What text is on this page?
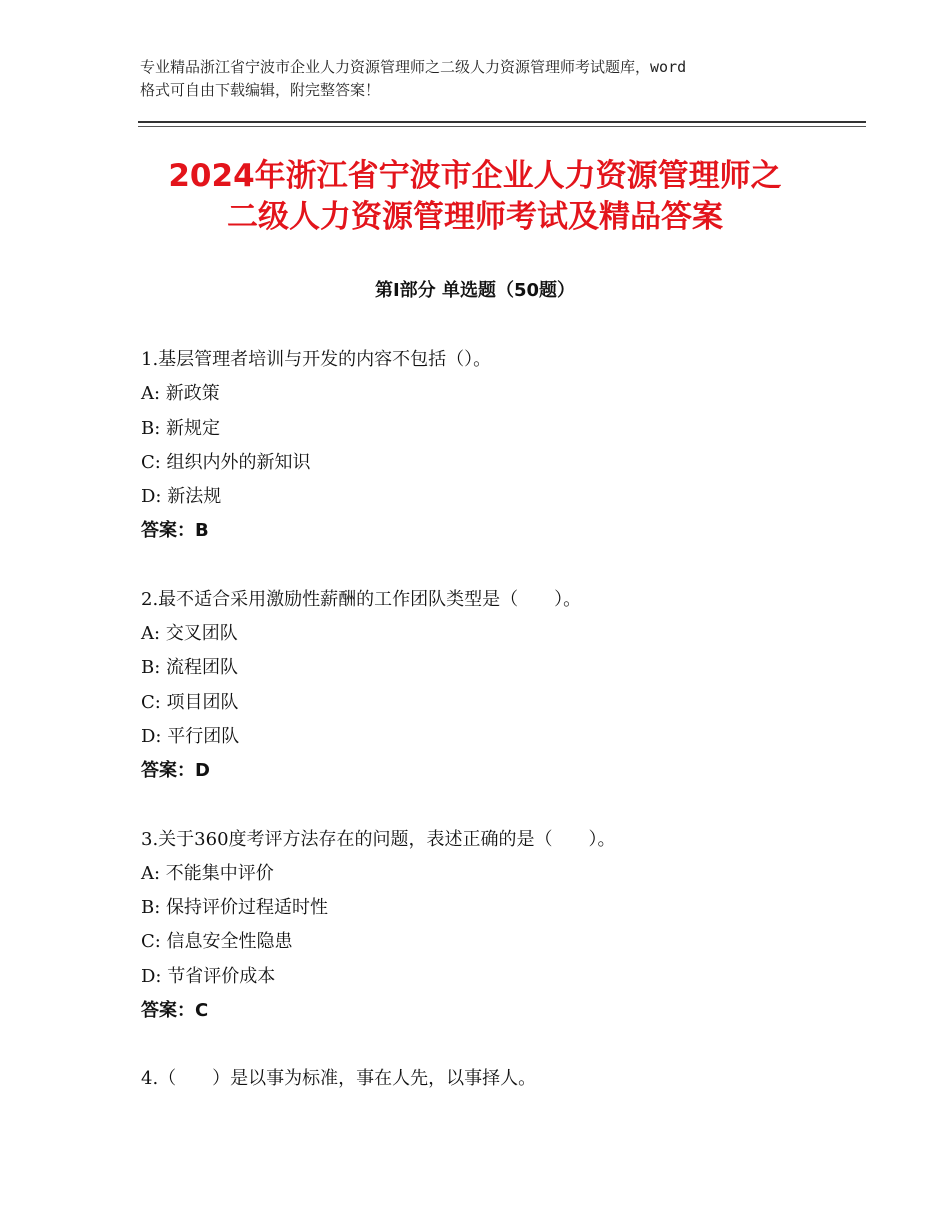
专业精品浙江省宁波市企业人力资源管理师之二级人力资源管理师考试题库，word
格式可自由下载编辑，附完整答案！
2024年浙江省宁波市企业人力资源管理师之
二级人力资源管理师考试及精品答案
第Ⅰ部分 单选题（50题）
1.基层管理者培训与开发的内容不包括（）。
A: 新政策
B: 新规定
C: 组织内外的新知识
D: 新法规
答案：B
2.最不适合采用激励性薪酬的工作团队类型是（　　）。
A: 交叉团队
B: 流程团队
C: 项目团队
D: 平行团队
答案：D
3.关于360度考评方法存在的问题，表述正确的是（　　）。
A: 不能集中评价
B: 保持评价过程适时性
C: 信息安全性隐患
D: 节省评价成本
答案：C
4.（　　）是以事为标准，事在人先，以事择人。
